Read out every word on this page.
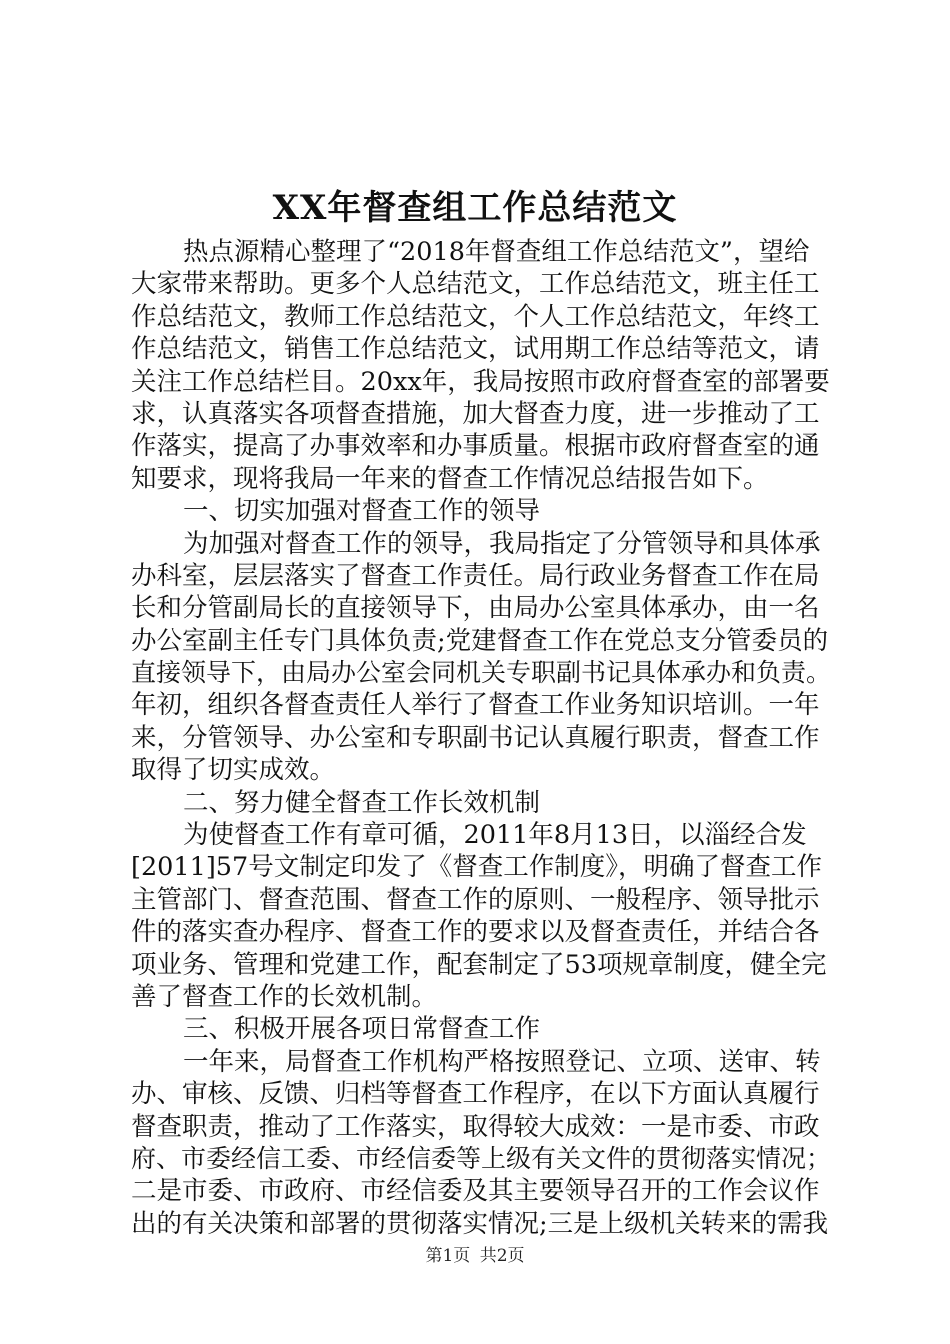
XX年督查组工作总结范文
热点源精心整理了“2018年督查组工作总结范文”，望给
大家带来帮助。更多个人总结范文，工作总结范文，班主任工
作总结范文，教师工作总结范文，个人工作总结范文，年终工
作总结范文，销售工作总结范文，试用期工作总结等范文，请
关注工作总结栏目。20xx年，我局按照市政府督查室的部署要
求，认真落实各项督查措施，加大督查力度，进一步推动了工
作落实，提高了办事效率和办事质量。根据市政府督查室的通
知要求，现将我局一年来的督查工作情况总结报告如下。
一、切实加强对督查工作的领导
为加强对督查工作的领导，我局指定了分管领导和具体承
办科室，层层落实了督查工作责任。局行政业务督查工作在局
长和分管副局长的直接领导下，由局办公室具体承办，由一名
办公室副主任专门具体负责;党建督查工作在党总支分管委员的
直接领导下，由局办公室会同机关专职副书记具体承办和负责。
年初，组织各督查责任人举行了督查工作业务知识培训。一年
来，分管领导、办公室和专职副书记认真履行职责，督查工作
取得了切实成效。
二、努力健全督查工作长效机制
为使督查工作有章可循，2011年8月13日，以淄经合发
[2011]57号文制定印发了《督查工作制度》，明确了督查工作
主管部门、督查范围、督查工作的原则、一般程序、领导批示
件的落实查办程序、督查工作的要求以及督查责任，并结合各
项业务、管理和党建工作，配套制定了53项规章制度，健全完
善了督查工作的长效机制。
三、积极开展各项日常督查工作
一年来，局督查工作机构严格按照登记、立项、送审、转
办、审核、反馈、归档等督查工作程序，在以下方面认真履行
督查职责，推动了工作落实，取得较大成效：一是市委、市政
府、市委经信工委、市经信委等上级有关文件的贯彻落实情况；
二是市委、市政府、市经信委及其主要领导召开的工作会议作
出的有关决策和部署的贯彻落实情况;三是上级机关转来的需我
第1页 共2页
